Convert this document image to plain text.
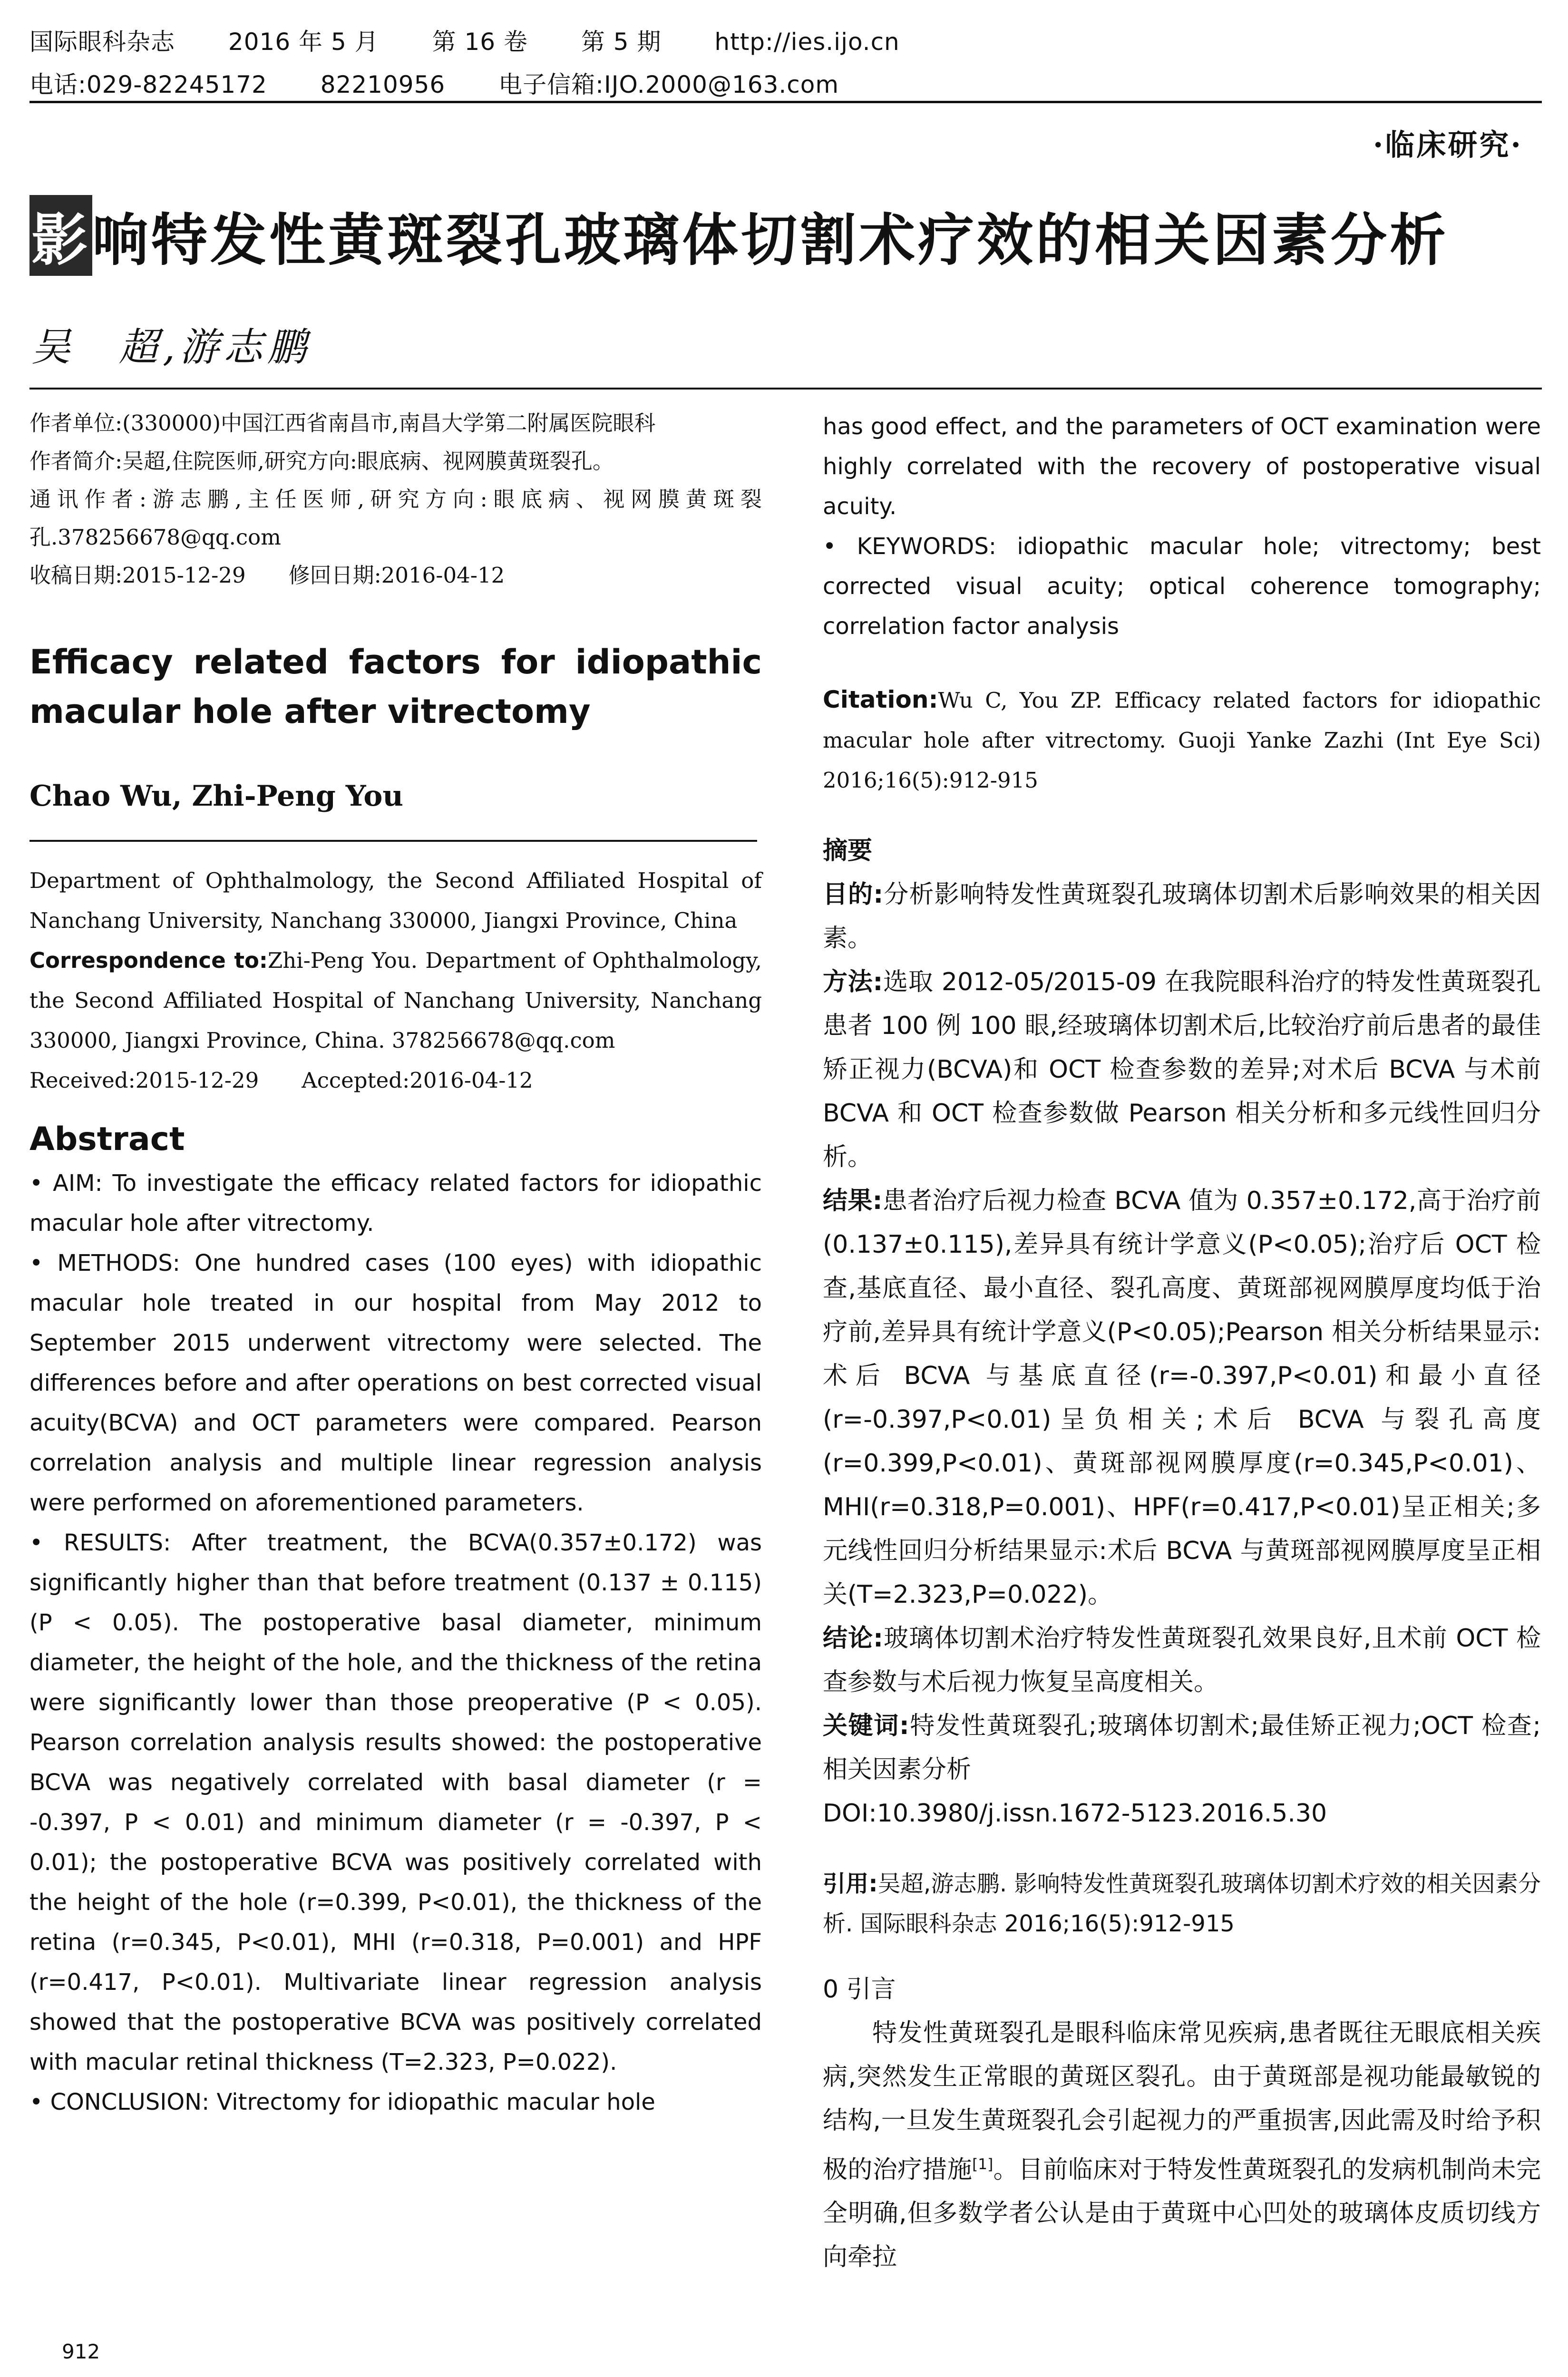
国际眼科杂志 2016 年 5 月 第 16 卷 第 5 期 http://ies.ijo.cn
电话:029-82245172 82210956 电子信箱:IJO.2000@163.com
·临床研究·
影响特发性黄斑裂孔玻璃体切割术疗效的相关因素分析
吴　超,游志鹏

作者单位:(330000)中国江西省南昌市,南昌大学第二附属医院眼科

作者简介:吴超,住院医师,研究方向:眼底病、视网膜黄斑裂孔。

通讯作者:游志鹏,主任医师,研究方向:眼底病、视网膜黄斑裂孔.378256678@qq.com

收稿日期:2015-12-29　　修回日期:2016-04-12

Efficacy related factors for idiopathic macular hole after vitrectomy
Chao Wu, Zhi-Peng You

Department of Ophthalmology, the Second Affiliated Hospital of Nanchang University, Nanchang 330000, Jiangxi Province, China

Correspondence to:Zhi-Peng You. Department of Ophthalmology, the Second Affiliated Hospital of Nanchang University, Nanchang 330000, Jiangxi Province, China. 378256678@qq.com

Received:2015-12-29　　Accepted:2016-04-12

Abstract

• AIM: To investigate the efficacy related factors for idiopathic macular hole after vitrectomy.

• METHODS: One hundred cases (100 eyes) with idiopathic macular hole treated in our hospital from May 2012 to September 2015 underwent vitrectomy were selected. The differences before and after operations on best corrected visual acuity(BCVA) and OCT parameters were compared. Pearson correlation analysis and multiple linear regression analysis were performed on aforementioned parameters.

• RESULTS: After treatment, the BCVA(0.357±0.172) was significantly higher than that before treatment (0.137 ± 0.115) (P < 0.05). The postoperative basal diameter, minimum diameter, the height of the hole, and the thickness of the retina were significantly lower than those preoperative (P < 0.05). Pearson correlation analysis results showed: the postoperative BCVA was negatively correlated with basal diameter (r = -0.397, P < 0.01) and minimum diameter (r = -0.397, P < 0.01); the postoperative BCVA was positively correlated with the height of the hole (r=0.399, P<0.01), the thickness of the retina (r=0.345, P<0.01), MHI (r=0.318, P=0.001) and HPF (r=0.417, P<0.01). Multivariate linear regression analysis showed that the postoperative BCVA was positively correlated with macular retinal thickness (T=2.323, P=0.022).

• CONCLUSION: Vitrectomy for idiopathic macular hole

912

has good effect, and the parameters of OCT examination were highly correlated with the recovery of postoperative visual acuity.

• KEYWORDS: idiopathic macular hole; vitrectomy; best corrected visual acuity; optical coherence tomography; correlation factor analysis

Citation:Wu C, You ZP. Efficacy related factors for idiopathic macular hole after vitrectomy. Guoji Yanke Zazhi (Int Eye Sci) 2016;16(5):912-915

摘要

目的:分析影响特发性黄斑裂孔玻璃体切割术后影响效果的相关因素。

方法:选取 2012-05/2015-09 在我院眼科治疗的特发性黄斑裂孔患者 100 例 100 眼,经玻璃体切割术后,比较治疗前后患者的最佳矫正视力(BCVA)和 OCT 检查参数的差异;对术后 BCVA 与术前 BCVA 和 OCT 检查参数做 Pearson 相关分析和多元线性回归分析。

结果:患者治疗后视力检查 BCVA 值为 0.357±0.172,高于治疗前(0.137±0.115),差异具有统计学意义(P<0.05);治疗后 OCT 检查,基底直径、最小直径、裂孔高度、黄斑部视网膜厚度均低于治疗前,差异具有统计学意义(P<0.05);Pearson 相关分析结果显示:术后 BCVA 与基底直径(r=-0.397,P<0.01)和最小直径(r=-0.397,P<0.01)呈负相关;术后 BCVA 与裂孔高度(r=0.399,P<0.01)、黄斑部视网膜厚度(r=0.345,P<0.01)、MHI(r=0.318,P=0.001)、HPF(r=0.417,P<0.01)呈正相关;多元线性回归分析结果显示:术后 BCVA 与黄斑部视网膜厚度呈正相关(T=2.323,P=0.022)。

结论:玻璃体切割术治疗特发性黄斑裂孔效果良好,且术前 OCT 检查参数与术后视力恢复呈高度相关。

关键词:特发性黄斑裂孔;玻璃体切割术;最佳矫正视力;OCT 检查;相关因素分析

DOI:10.3980/j.issn.1672-5123.2016.5.30

引用:吴超,游志鹏. 影响特发性黄斑裂孔玻璃体切割术疗效的相关因素分析. 国际眼科杂志 2016;16(5):912-915

0 引言

特发性黄斑裂孔是眼科临床常见疾病,患者既往无眼底相关疾病,突然发生正常眼的黄斑区裂孔。由于黄斑部是视功能最敏锐的结构,一旦发生黄斑裂孔会引起视力的严重损害,因此需及时给予积极的治疗措施[1]。目前临床对于特发性黄斑裂孔的发病机制尚未完全明确,但多数学者公认是由于黄斑中心凹处的玻璃体皮质切线方向牵拉
